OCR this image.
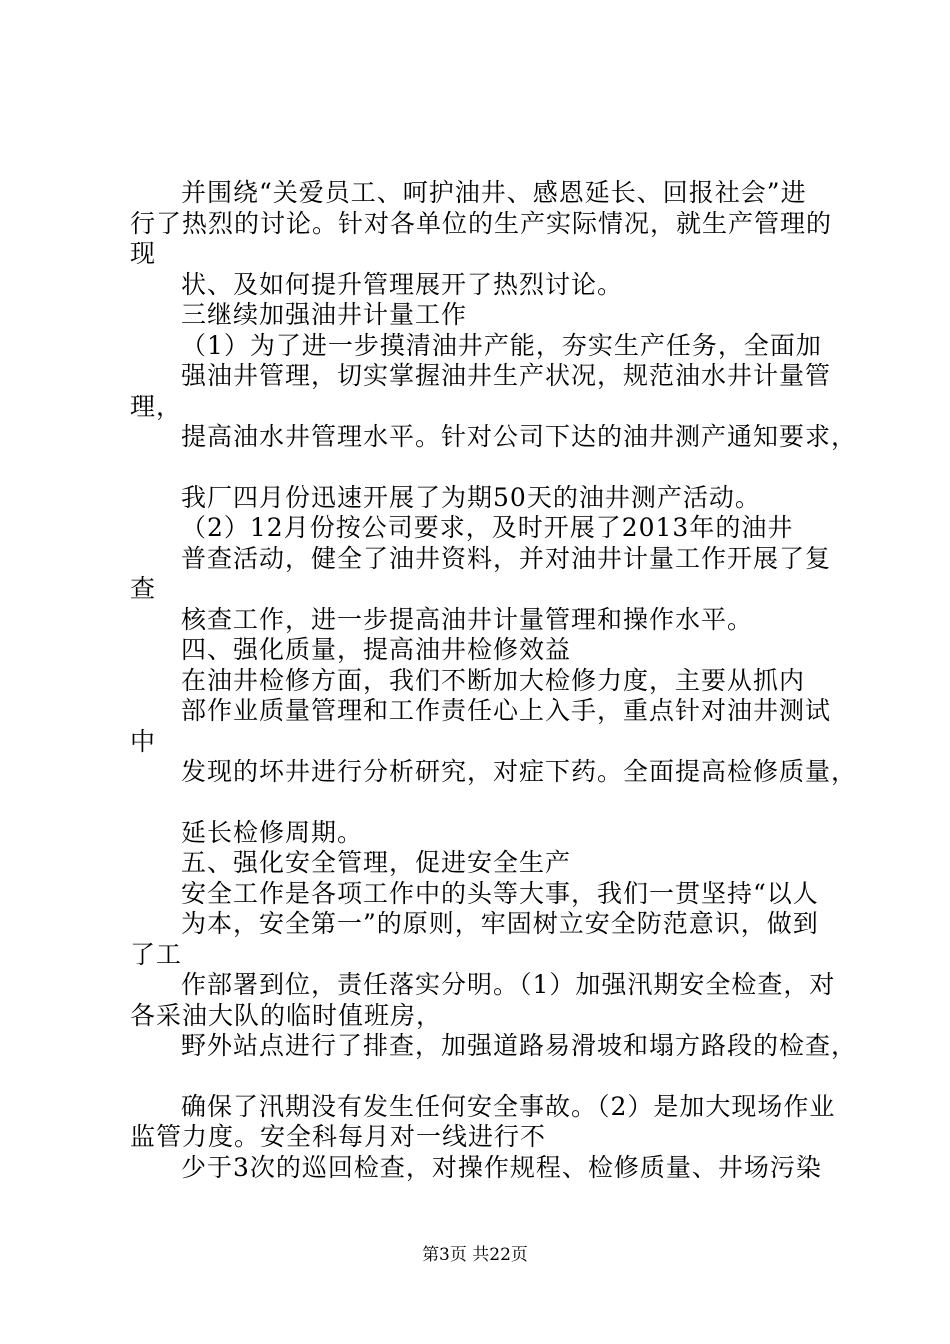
并围绕“关爱员工、呵护油井、感恩延长、回报社会”进
行了热烈的讨论。针对各单位的生产实际情况，就生产管理的
现
状、及如何提升管理展开了热烈讨论。
三继续加强油井计量工作
（1）为了进一步摸清油井产能，夯实生产任务，全面加
强油井管理，切实掌握油井生产状况，规范油水井计量管
理，
提高油水井管理水平。针对公司下达的油井测产通知要求，
我厂四月份迅速开展了为期50天的油井测产活动。
（2）12月份按公司要求，及时开展了2013年的油井
普查活动，健全了油井资料，并对油井计量工作开展了复
查
核查工作，进一步提高油井计量管理和操作水平。
四、强化质量，提高油井检修效益
在油井检修方面，我们不断加大检修力度，主要从抓内
部作业质量管理和工作责任心上入手，重点针对油井测试
中
发现的坏井进行分析研究，对症下药。全面提高检修质量，
延长检修周期。
五、强化安全管理，促进安全生产
安全工作是各项工作中的头等大事，我们一贯坚持“以人
为本，安全第一”的原则，牢固树立安全防范意识，做到
了工
作部署到位，责任落实分明。（1）加强汛期安全检查，对
各采油大队的临时值班房，
野外站点进行了排查，加强道路易滑坡和塌方路段的检查，
确保了汛期没有发生任何安全事故。（2）是加大现场作业
监管力度。安全科每月对一线进行不
少于3次的巡回检查，对操作规程、检修质量、井场污染
第3页 共22页
